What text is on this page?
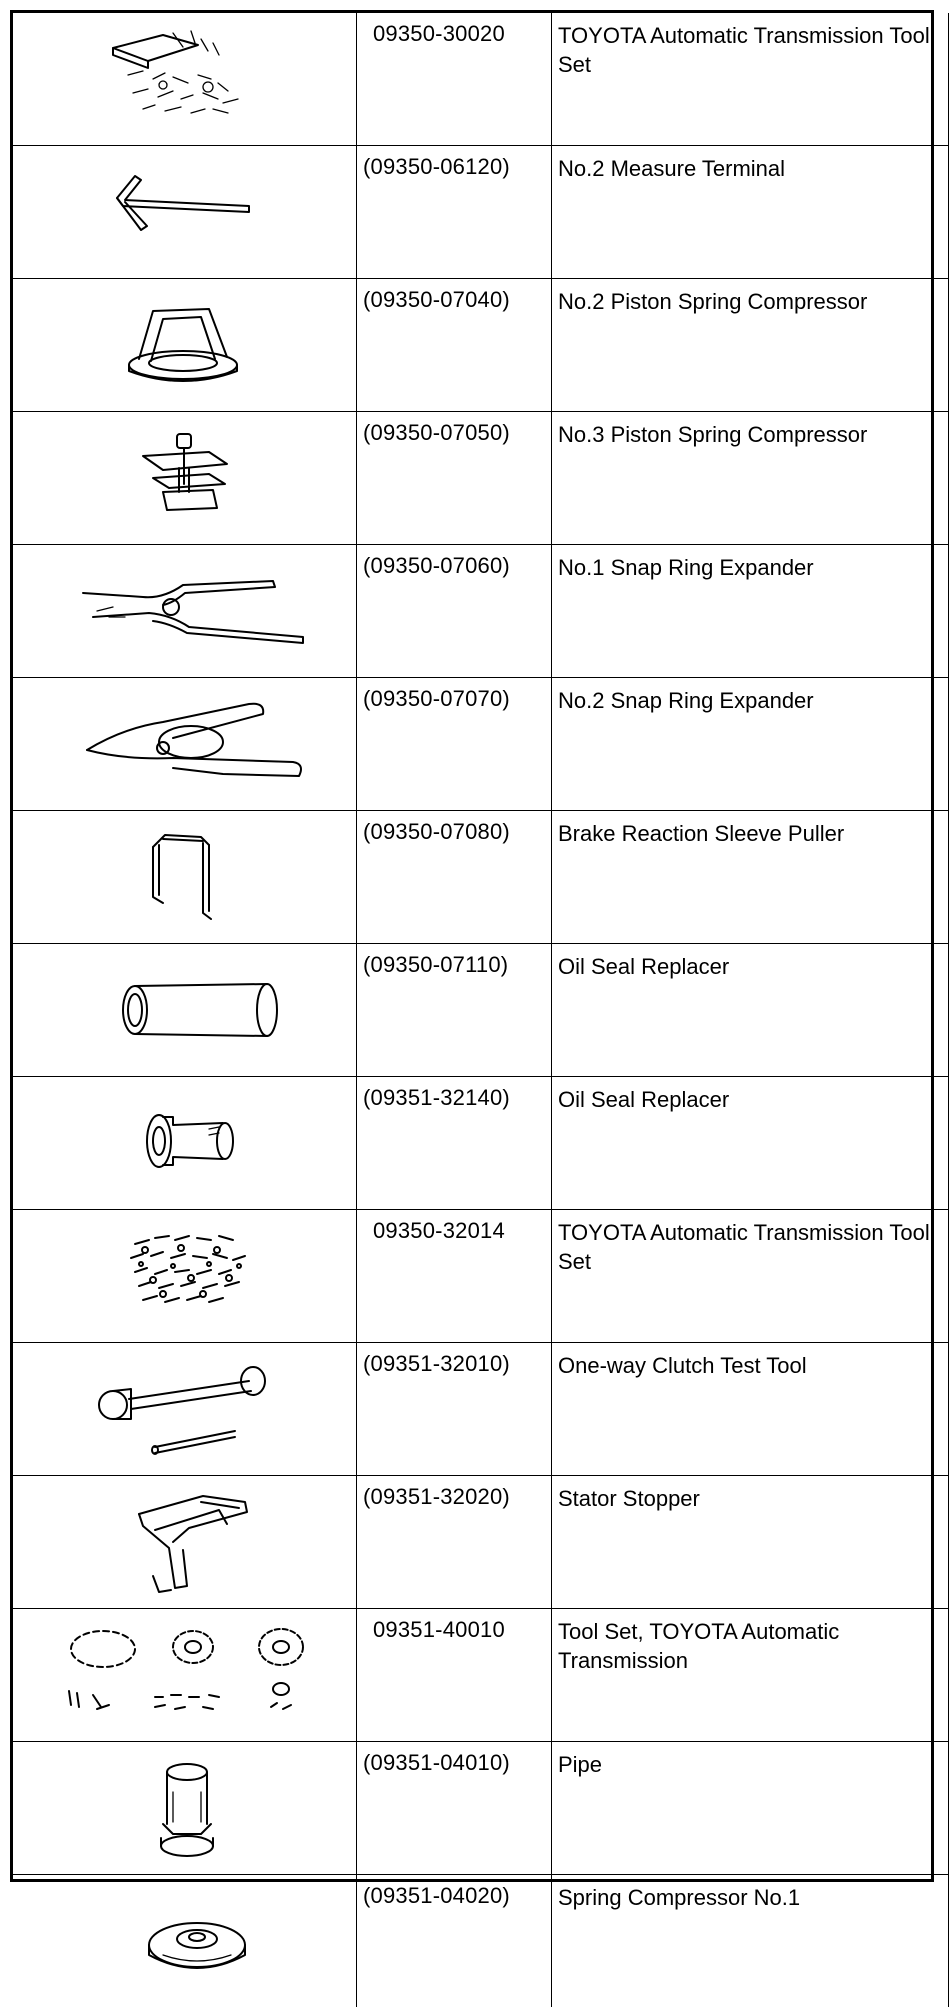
	09350-30020	TOYOTA Automatic Transmission Tool Set	

	(09350-06120)	No.2 Measure Terminal	

	(09350-07040)	No.2 Piston Spring Compressor	

	(09350-07050)	No.3 Piston Spring Compressor	

	(09350-07060)	No.1 Snap Ring Expander	

	(09350-07070)	No.2 Snap Ring Expander	

	(09350-07080)	Brake Reaction Sleeve Puller	

	(09350-07110)	Oil Seal Replacer	

	(09351-32140)	Oil Seal Replacer	

	09350-32014	TOYOTA Automatic Transmission Tool Set	

	(09351-32010)	One-way Clutch Test Tool	

	(09351-32020)	Stator Stopper	

	09351-40010	Tool Set, TOYOTA Automatic Transmission	

	(09351-04010)	Pipe	

	(09351-04020)	Spring Compressor No.1	
